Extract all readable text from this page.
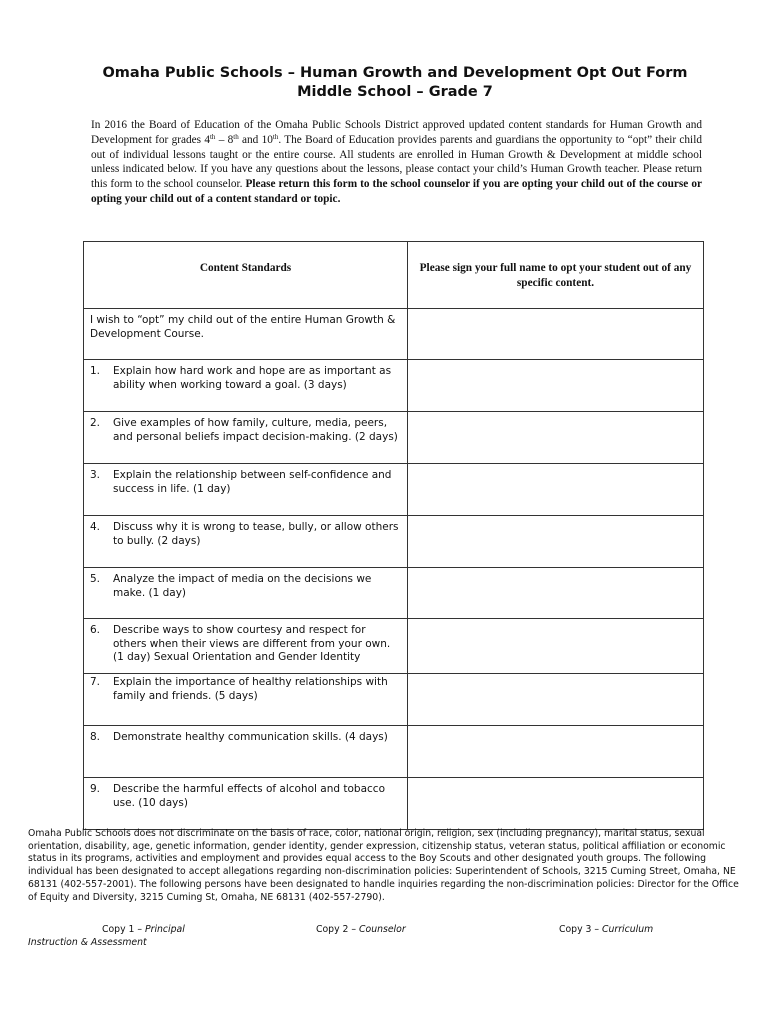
Omaha Public Schools – Human Growth and Development Opt Out Form
Middle School – Grade 7
In 2016 the Board of Education of the Omaha Public Schools District approved updated content standards for Human Growth and Development for grades 4th – 8th and 10th. The Board of Education provides parents and guardians the opportunity to “opt” their child out of individual lessons taught or the entire course. All students are enrolled in Human Growth & Development at middle school unless indicated below. If you have any questions about the lessons, please contact your child’s Human Growth teacher. Please return this form to the school counselor. Please return this form to the school counselor if you are opting your child out of the course or opting your child out of a content standard or topic.
Content Standards	Please sign your full name to opt your student out of any specific content.
I wish to “opt” my child out of the entire Human Growth & Development Course.	

1. Explain how hard work and hope are as important as ability when working toward a goal. (3 days)	

2. Give examples of how family, culture, media, peers, and personal beliefs impact decision-making. (2 days)	

3. Explain the relationship between self-confidence and success in life. (1 day)	

4. Discuss why it is wrong to tease, bully, or allow others to bully. (2 days)	

5. Analyze the impact of media on the decisions we make. (1 day)	

6. Describe ways to show courtesy and respect for others when their views are different from your own. (1 day) Sexual Orientation and Gender Identity	

7. Explain the importance of healthy relationships with family and friends. (5 days)	

8. Demonstrate healthy communication skills. (4 days)	

9. Describe the harmful effects of alcohol and tobacco use. (10 days)	

Omaha Public Schools does not discriminate on the basis of race, color, national origin, religion, sex (including pregnancy), marital status, sexual orientation, disability, age, genetic information, gender identity, gender expression, citizenship status, veteran status, political affiliation or economic status in its programs, activities and employment and provides equal access to the Boy Scouts and other designated youth groups. The following individual has been designated to accept allegations regarding non-discrimination policies: Superintendent of Schools, 3215 Cuming Street, Omaha, NE 68131 (402-557-2001). The following persons have been designated to handle inquiries regarding the non-discrimination policies: Director for the Office of Equity and Diversity, 3215 Cuming St, Omaha, NE 68131 (402-557-2790).
Copy 1 – Principal
Instruction & Assessment
Copy 2 – Counselor	Copy 3 – Curriculum
